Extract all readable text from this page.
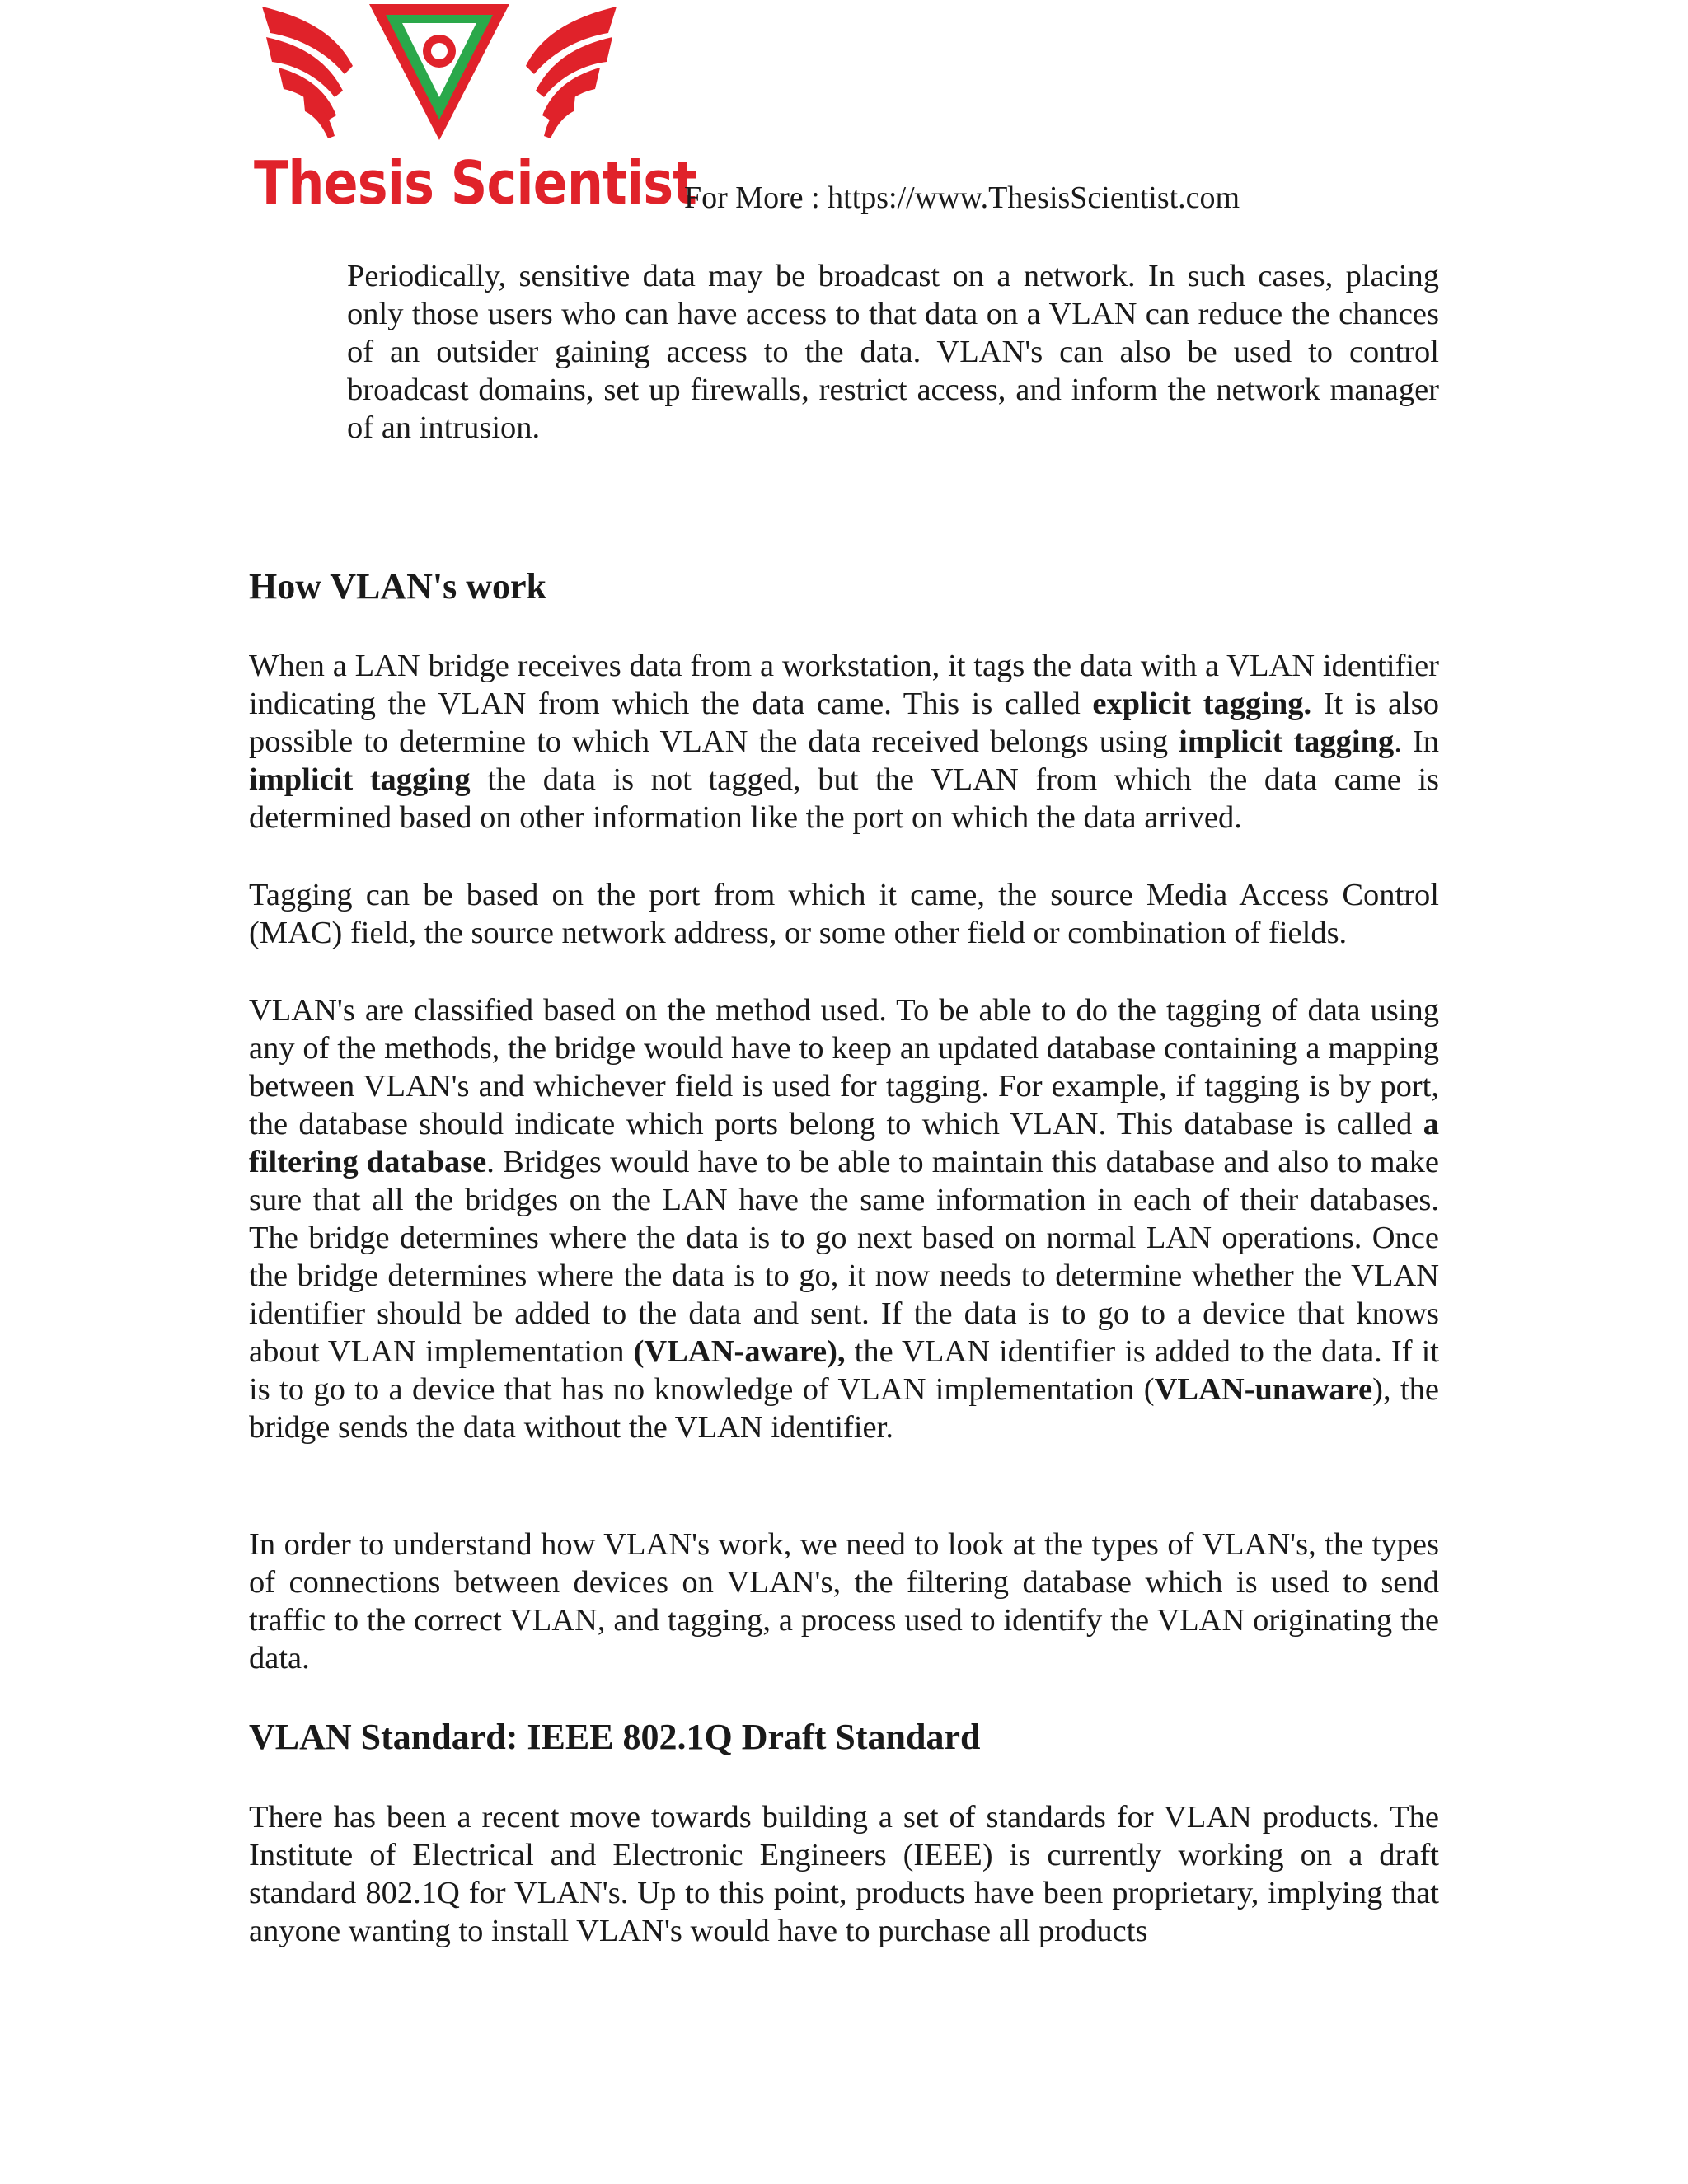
Thesis Scientist
For More : https://www.ThesisScientist.com

Periodically, sensitive data may be broadcast on a network. In such cases, placing only those users who can have access to that data on a VLAN can reduce the chances of an outsider gaining access to the data. VLAN's can also be used to control broadcast domains, set up firewalls, restrict access, and inform the network manager of an intrusion.

How VLAN's work

When a LAN bridge receives data from a workstation, it tags the data with a VLAN identifier indicating the VLAN from which the data came. This is called explicit tagging. It is also possible to determine to which VLAN the data received belongs using implicit tagging. In implicit tagging the data is not tagged, but the VLAN from which the data came is determined based on other information like the port on which the data arrived.

Tagging can be based on the port from which it came, the source Media Access Control (MAC) field, the source network address, or some other field or combination of fields.

VLAN's are classified based on the method used. To be able to do the tagging of data using any of the methods, the bridge would have to keep an updated database containing a mapping between VLAN's and whichever field is used for tagging. For example, if tagging is by port, the database should indicate which ports belong to which VLAN. This database is called a filtering database. Bridges would have to be able to maintain this database and also to make sure that all the bridges on the LAN have the same information in each of their databases. The bridge determines where the data is to go next based on normal LAN operations. Once the bridge determines where the data is to go, it now needs to determine whether the VLAN identifier should be added to the data and sent. If the data is to go to a device that knows about VLAN implementation (VLAN-aware), the VLAN identifier is added to the data. If it is to go to a device that has no knowledge of VLAN implementation (VLAN-unaware), the bridge sends the data without the VLAN identifier.

In order to understand how VLAN's work, we need to look at the types of VLAN's, the types of connections between devices on VLAN's, the filtering database which is used to send traffic to the correct VLAN, and tagging, a process used to identify the VLAN originating the data.

VLAN Standard: IEEE 802.1Q Draft Standard

There has been a recent move towards building a set of standards for VLAN products. The Institute of Electrical and Electronic Engineers (IEEE) is currently working on a draft standard 802.1Q for VLAN's. Up to this point, products have been proprietary, implying that anyone wanting to install VLAN's would have to purchase all products
